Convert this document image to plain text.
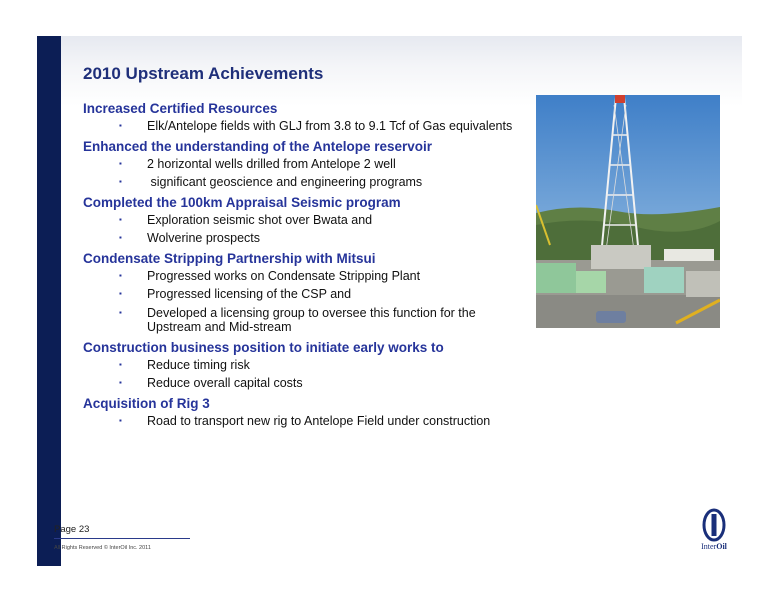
2010 Upstream Achievements
Increased Certified Resources
▪ Elk/Antelope fields with GLJ from 3.8 to 9.1 Tcf of Gas equivalents
Enhanced the understanding of the Antelope reservoir
▪ 2 horizontal wells drilled from Antelope 2 well
▪ significant geoscience and engineering programs
Completed the 100km Appraisal Seismic program
▪ Exploration seismic shot over Bwata and
▪ Wolverine prospects
Condensate Stripping Partnership with Mitsui
▪ Progressed works on Condensate Stripping Plant
▪ Progressed licensing of the CSP and
▪ Developed a licensing group to oversee this function for the Upstream and Mid-stream
Construction business position to initiate early works to
▪ Reduce timing risk
▪ Reduce overall capital costs
Acquisition of Rig 3
▪ Road to transport new rig to Antelope Field under construction
Page 23
All Rights Reserved © InterOil Inc. 2011	InterOil
